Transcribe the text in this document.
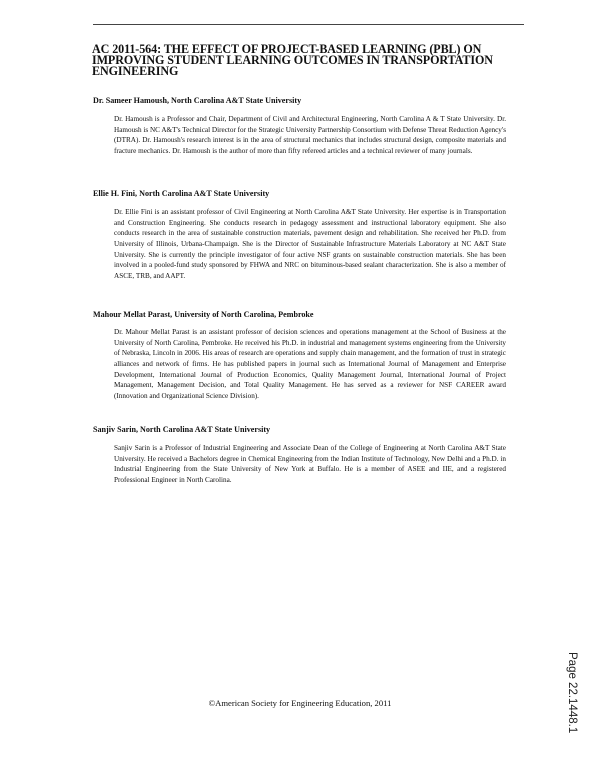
AC 2011-564: THE EFFECT OF PROJECT-BASED LEARNING (PBL) ON IMPROVING STUDENT LEARNING OUTCOMES IN TRANSPORTATION ENGINEERING

Dr. Sameer Hamoush, North Carolina A&T State University

Dr. Hamoush is a Professor and Chair, Department of Civil and Architectural Engineering, North Carolina A & T State University. Dr. Hamoush is NC A&T's Technical Director for the Strategic University Partnership Consortium with Defense Threat Reduction Agency's (DTRA). Dr. Hamoush's research interest is in the area of structural mechanics that includes structural design, composite materials and fracture mechanics. Dr. Hamoush is the author of more than fifty refereed articles and a technical reviewer of many journals.

Ellie H. Fini, North Carolina A&T State University

Dr. Ellie Fini is an assistant professor of Civil Engineering at North Carolina A&T State University. Her expertise is in Transportation and Construction Engineering. She conducts research in pedagogy assessment and instructional laboratory equipment. She also conducts research in the area of sustainable construction materials, pavement design and rehabilitation. She received her Ph.D. from University of Illinois, Urbana-Champaign. She is the Director of Sustainable Infrastructure Materials Laboratory at NC A&T State University. She is currently the principle investigator of four active NSF grants on sustainable construction materials. She has been involved in a pooled-fund study sponsored by FHWA and NRC on bituminous-based sealant characterization. She is also a member of ASCE, TRB, and AAPT.

Mahour Mellat Parast, University of North Carolina, Pembroke

Dr. Mahour Mellat Parast is an assistant professor of decision sciences and operations management at the School of Business at the University of North Carolina, Pembroke. He received his Ph.D. in industrial and management systems engineering from the University of Nebraska, Lincoln in 2006. His areas of research are operations and supply chain management, and the formation of trust in strategic alliances and network of firms. He has published papers in journal such as International Journal of Management and Enterprise Development, International Journal of Production Economics, Quality Management Journal, International Journal of Project Management, Management Decision, and Total Quality Management. He has served as a reviewer for NSF CAREER award (Innovation and Organizational Science Division).

Sanjiv Sarin, North Carolina A&T State University

Sanjiv Sarin is a Professor of Industrial Engineering and Associate Dean of the College of Engineering at North Carolina A&T State University. He received a Bachelors degree in Chemical Engineering from the Indian Institute of Technology, New Delhi and a Ph.D. in Industrial Engineering from the State University of New York at Buffalo. He is a member of ASEE and IIE, and a registered Professional Engineer in North Carolina.

©American Society for Engineering Education, 2011	Page 22.1448.1
